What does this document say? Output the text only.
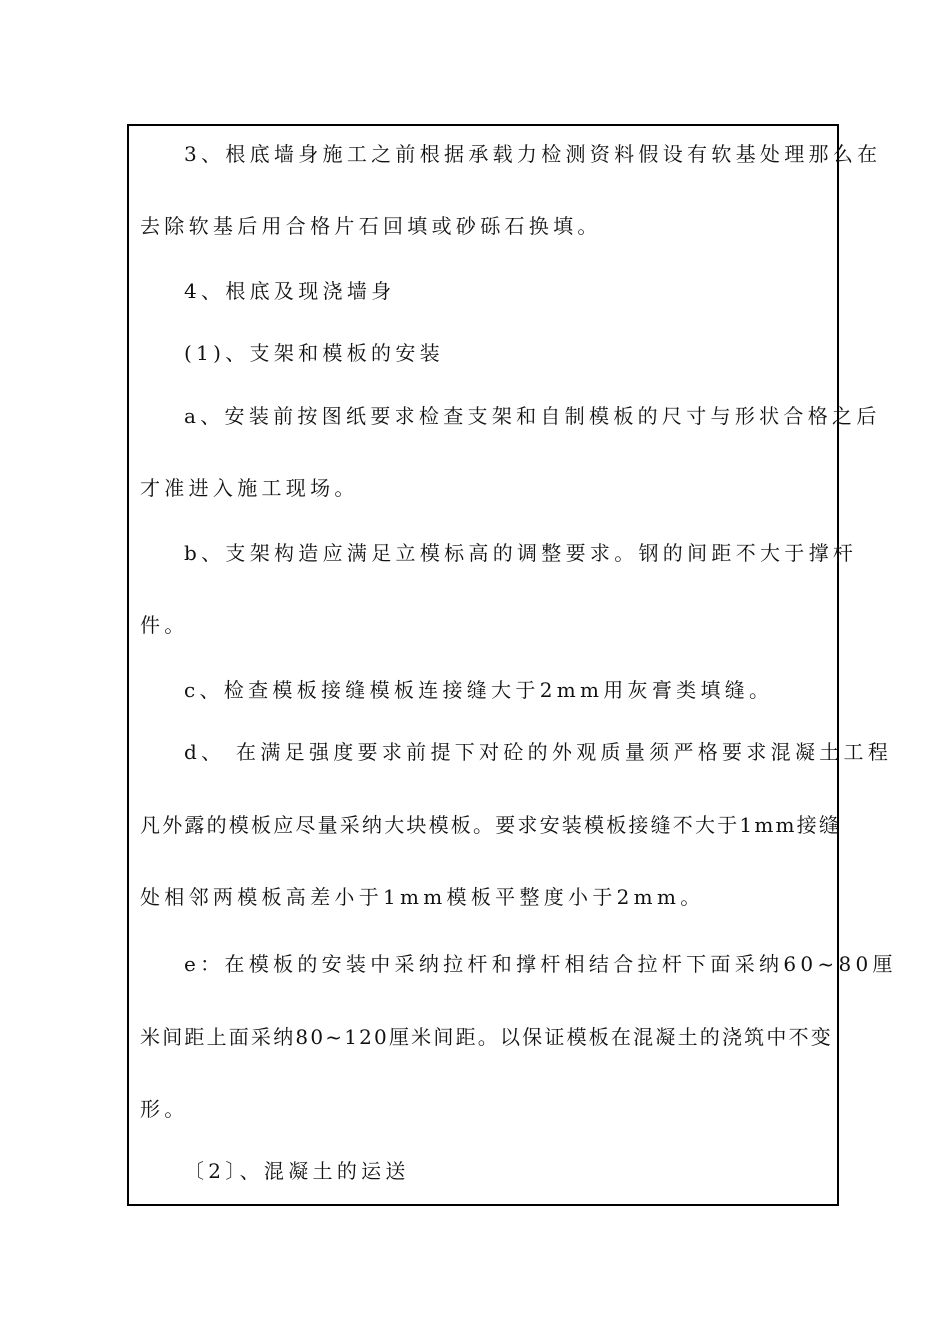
3、根底墙身施工之前根据承载力检测资料假设有软基处理那么在
去除软基后用合格片石回填或砂砾石换填。
4、根底及现浇墙身
(1)、支架和模板的安装
a、安装前按图纸要求检查支架和自制模板的尺寸与形状合格之后
才准进入施工现场。
b、支架构造应满足立模标高的调整要求。钢的间距不大于撑杆
件。
c、检查模板接缝模板连接缝大于2mm用灰膏类填缝。
d、 在满足强度要求前提下对砼的外观质量须严格要求混凝土工程
凡外露的模板应尽量采纳大块模板。要求安装模板接缝不大于1mm接缝
处相邻两模板高差小于1mm模板平整度小于2mm。
e：在模板的安装中采纳拉杆和撑杆相结合拉杆下面采纳60~80厘
米间距上面采纳80~120厘米间距。以保证模板在混凝土的浇筑中不变
形。
〔2〕、混凝土的运送
